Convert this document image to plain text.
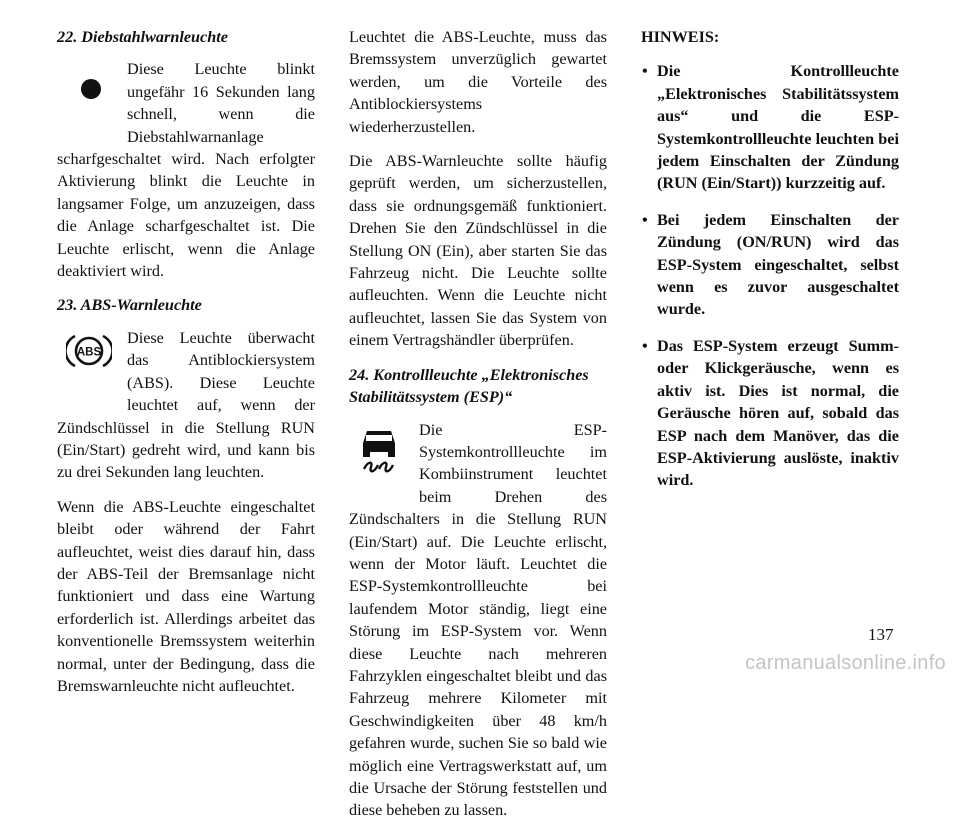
22. Diebstahlwarnleuchte

Diese Leuchte blinkt ungefähr 16 Sekunden lang schnell, wenn die Diebstahlwarnanlage scharfgeschaltet wird. Nach erfolgter Aktivierung blinkt die Leuchte in langsamer Folge, um anzuzeigen, dass die Anlage scharfgeschaltet ist. Die Leuchte erlischt, wenn die Anlage deaktiviert wird.

23. ABS-Warnleuchte
ABS

Diese Leuchte überwacht das Antiblockiersystem (ABS). Diese Leuchte leuchtet auf, wenn der Zündschlüssel in die Stellung RUN (Ein/Start) gedreht wird, und kann bis zu drei Sekunden lang leuchten.

Wenn die ABS-Leuchte eingeschaltet bleibt oder während der Fahrt aufleuchtet, weist dies darauf hin, dass der ABS-Teil der Bremsanlage nicht funktioniert und dass eine Wartung erforderlich ist. Allerdings arbeitet das konventionelle Bremssystem weiterhin normal, unter der Bedingung, dass die Bremswarnleuchte nicht aufleuchtet.

Leuchtet die ABS-Leuchte, muss das Bremssystem unverzüglich gewartet werden, um die Vorteile des Antiblockiersystems wiederherzustellen.

Die ABS-Warnleuchte sollte häufig geprüft werden, um sicherzustellen, dass sie ordnungsgemäß funktioniert. Drehen Sie den Zündschlüssel in die Stellung ON (Ein), aber starten Sie das Fahrzeug nicht. Die Leuchte sollte aufleuchten. Wenn die Leuchte nicht aufleuchtet, lassen Sie das System von einem Vertragshändler überprüfen.

24. Kontrollleuchte „Elektronisches Stabilitätssystem (ESP)“

Die ESP-Systemkontrollleuchte im Kombiinstrument leuchtet beim Drehen des Zündschalters in die Stellung RUN (Ein/Start) auf. Die Leuchte erlischt, wenn der Motor läuft. Leuchtet die ESP-Systemkontrollleuchte bei laufendem Motor ständig, liegt eine Störung im ESP-System vor. Wenn diese Leuchte nach mehreren Fahrzyklen eingeschaltet bleibt und das Fahrzeug mehrere Kilometer mit Geschwindigkeiten über 48 km/h gefahren wurde, suchen Sie so bald wie möglich eine Vertragswerkstatt auf, um die Ursache der Störung feststellen und diese beheben zu lassen.

HINWEIS:
• Die Kontrollleuchte „Elektronisches Stabilitätssystem aus“ und die ESP-Systemkontrollleuchte leuchten bei jedem Einschalten der Zündung (RUN (Ein/Start)) kurzzeitig auf.
• Bei jedem Einschalten der Zündung (ON/RUN) wird das ESP-System eingeschaltet, selbst wenn es zuvor ausgeschaltet wurde.
• Das ESP-System erzeugt Summ- oder Klickgeräusche, wenn es aktiv ist. Dies ist normal, die Geräusche hören auf, sobald das ESP nach dem Manöver, das die ESP-Aktivierung auslöste, inaktiv wird.
137
carmanualsonline.info
